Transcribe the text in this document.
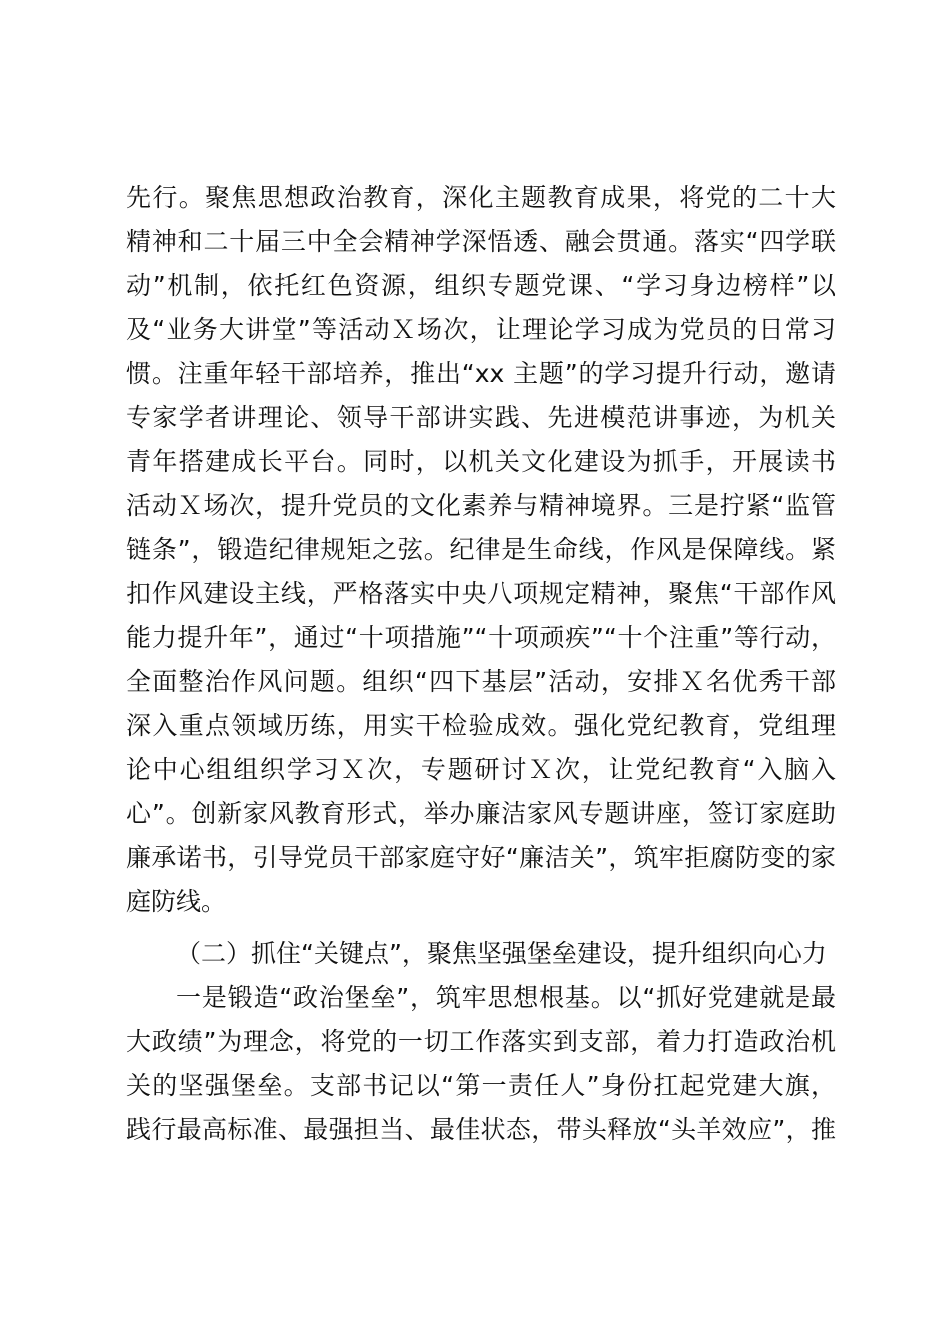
先行。聚焦思想政治教育，深化主题教育成果，将党的二十大
精神和二十届三中全会精神学深悟透、融会贯通。落实“四学联
动”机制，依托红色资源，组织专题党课、“学习身边榜样”以
及“业务大讲堂”等活动Ｘ场次，让理论学习成为党员的日常习
惯。注重年轻干部培养，推出“xx 主题”的学习提升行动，邀请
专家学者讲理论、领导干部讲实践、先进模范讲事迹，为机关
青年搭建成长平台。同时，以机关文化建设为抓手，开展读书
活动Ｘ场次，提升党员的文化素养与精神境界。三是拧紧“监管
链条”，锻造纪律规矩之弦。纪律是生命线，作风是保障线。紧
扣作风建设主线，严格落实中央八项规定精神，聚焦“干部作风
能力提升年”，通过“十项措施”“十项顽疾”“十个注重”等行动，
全面整治作风问题。组织“四下基层”活动，安排Ｘ名优秀干部
深入重点领域历练，用实干检验成效。强化党纪教育，党组理
论中心组组织学习Ｘ次，专题研讨Ｘ次，让党纪教育“入脑入
心”。创新家风教育形式，举办廉洁家风专题讲座，签订家庭助
廉承诺书，引导党员干部家庭守好“廉洁关”，筑牢拒腐防变的家
庭防线。
（二）抓住“关键点”，聚焦坚强堡垒建设，提升组织向心力
一是锻造“政治堡垒”，筑牢思想根基。以“抓好党建就是最
大政绩”为理念，将党的一切工作落实到支部，着力打造政治机
关的坚强堡垒。支部书记以“第一责任人”身份扛起党建大旗，
践行最高标准、最强担当、最佳状态，带头释放“头羊效应”，推
